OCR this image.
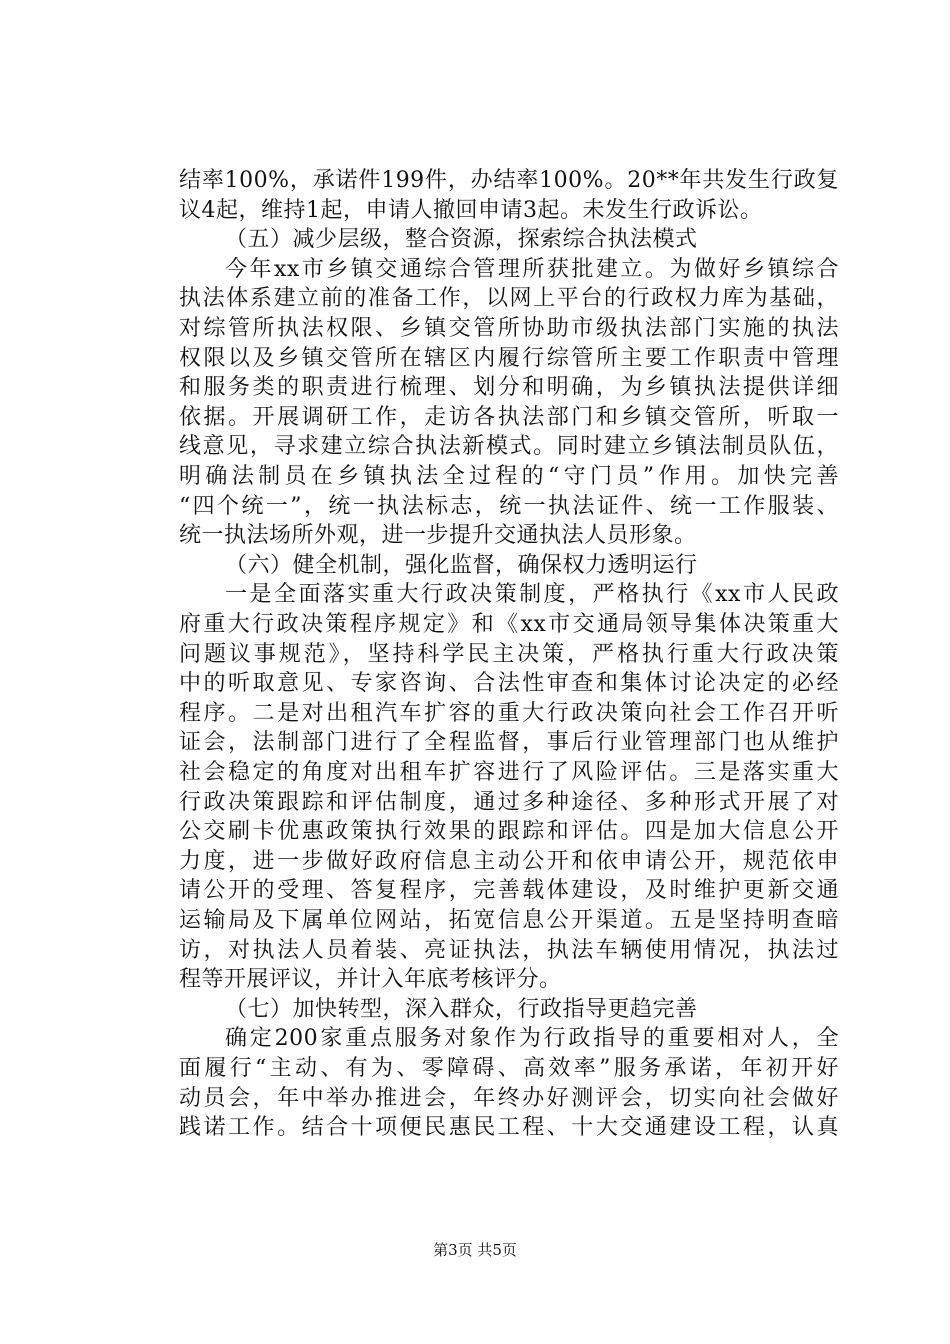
结率100%，承诺件199件，办结率100%。20**年共发生行政复
议4起，维持1起，申请人撤回申请3起。未发生行政诉讼。
（五）减少层级，整合资源，探索综合执法模式
今年xx市乡镇交通综合管理所获批建立。为做好乡镇综合
执法体系建立前的准备工作，以网上平台的行政权力库为基础，
对综管所执法权限、乡镇交管所协助市级执法部门实施的执法
权限以及乡镇交管所在辖区内履行综管所主要工作职责中管理
和服务类的职责进行梳理、划分和明确，为乡镇执法提供详细
依据。开展调研工作，走访各执法部门和乡镇交管所，听取一
线意见，寻求建立综合执法新模式。同时建立乡镇法制员队伍，
明确法制员在乡镇执法全过程的“守门员”作用。加快完善
“四个统一”，统一执法标志，统一执法证件、统一工作服装、
统一执法场所外观，进一步提升交通执法人员形象。
（六）健全机制，强化监督，确保权力透明运行
一是全面落实重大行政决策制度，严格执行《xx市人民政
府重大行政决策程序规定》和《xx市交通局领导集体决策重大
问题议事规范》，坚持科学民主决策，严格执行重大行政决策
中的听取意见、专家咨询、合法性审查和集体讨论决定的必经
程序。二是对出租汽车扩容的重大行政决策向社会工作召开听
证会，法制部门进行了全程监督，事后行业管理部门也从维护
社会稳定的角度对出租车扩容进行了风险评估。三是落实重大
行政决策跟踪和评估制度，通过多种途径、多种形式开展了对
公交刷卡优惠政策执行效果的跟踪和评估。四是加大信息公开
力度，进一步做好政府信息主动公开和依申请公开，规范依申
请公开的受理、答复程序，完善载体建设，及时维护更新交通
运输局及下属单位网站，拓宽信息公开渠道。五是坚持明查暗
访，对执法人员着装、亮证执法，执法车辆使用情况，执法过
程等开展评议，并计入年底考核评分。
（七）加快转型，深入群众，行政指导更趋完善
确定200家重点服务对象作为行政指导的重要相对人，全
面履行“主动、有为、零障碍、高效率”服务承诺，年初开好
动员会，年中举办推进会，年终办好测评会，切实向社会做好
践诺工作。结合十项便民惠民工程、十大交通建设工程，认真
第3页 共5页
